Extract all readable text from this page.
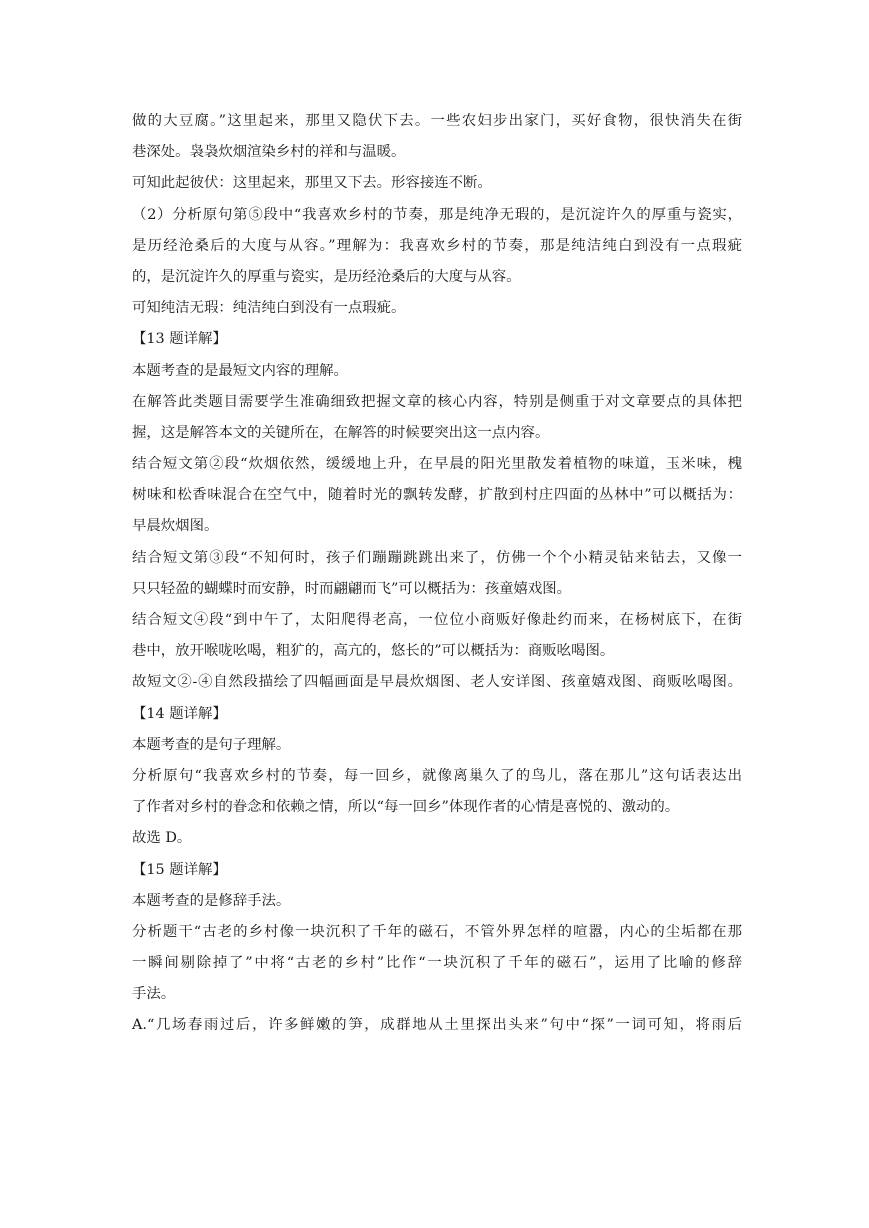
做的大豆腐。”这里起来，那里又隐伏下去。一些农妇步出家门，买好食物，很快消失在街
巷深处。袅袅炊烟渲染乡村的祥和与温暖。
可知此起彼伏：这里起来，那里又下去。形容接连不断。
（2）分析原句第⑤段中“我喜欢乡村的节奏，那是纯净无瑕的，是沉淀许久的厚重与瓷实，
是历经沧桑后的大度与从容。”理解为：我喜欢乡村的节奏，那是纯洁纯白到没有一点瑕疵
的，是沉淀许久的厚重与瓷实，是历经沧桑后的大度与从容。
可知纯洁无瑕：纯洁纯白到没有一点瑕疵。
【13 题详解】
本题考查的是最短文内容的理解。
在解答此类题目需要学生准确细致把握文章的核心内容，特别是侧重于对文章要点的具体把
握，这是解答本文的关键所在，在解答的时候要突出这一点内容。
结合短文第②段“炊烟依然，缓缓地上升，在早晨的阳光里散发着植物的味道，玉米味，槐
树味和松香味混合在空气中，随着时光的飘转发酵，扩散到村庄四面的丛林中”可以概括为：
早晨炊烟图。
结合短文第③段“不知何时，孩子们蹦蹦跳跳出来了，仿佛一个个小精灵钻来钻去，又像一
只只轻盈的蝴蝶时而安静，时而翩翩而飞”可以概括为：孩童嬉戏图。
结合短文④段“到中午了，太阳爬得老高，一位位小商贩好像赴约而来，在杨树底下，在街
巷中，放开喉咙吆喝，粗犷的，高亢的，悠长的”可以概括为：商贩吆喝图。
故短文②-④自然段描绘了四幅画面是早晨炊烟图、老人安详图、孩童嬉戏图、商贩吆喝图。
【14 题详解】
本题考查的是句子理解。
分析原句“我喜欢乡村的节奏，每一回乡，就像离巢久了的鸟儿，落在那儿”这句话表达出
了作者对乡村的眷念和依赖之情，所以“每一回乡”体现作者的心情是喜悦的、激动的。
故选 D。
【15 题详解】
本题考查的是修辞手法。
分析题干“古老的乡村像一块沉积了千年的磁石，不管外界怎样的喧嚣，内心的尘垢都在那
一瞬间剔除掉了”中将“古老的乡村”比作“一块沉积了千年的磁石”，运用了比喻的修辞
手法。
A.“几场春雨过后，许多鲜嫩的笋，成群地从土里探出头来”句中“探”一词可知，将雨后
